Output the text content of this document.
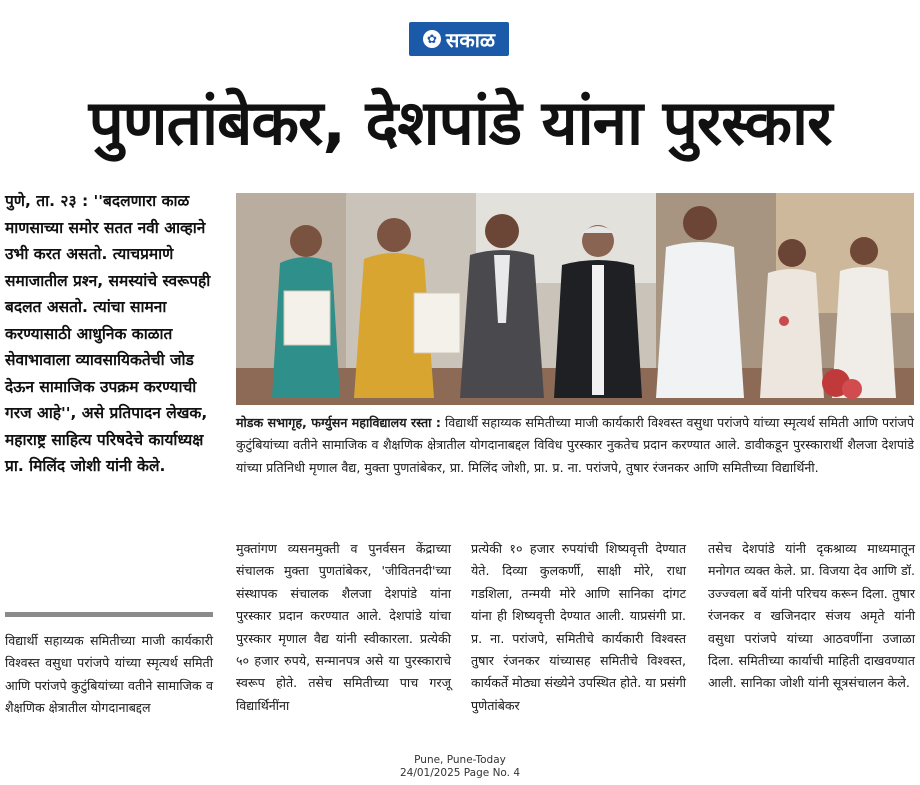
✿ सकाळ
पुणतांबेकर, देशपांडे यांना पुरस्कार
पुणे, ता. २३ : ''बदलणारा काळ माणसाच्या समोर सतत नवी आव्हाने उभी करत असतो. त्याचप्रमाणे समाजातील प्रश्‍न, समस्यांचे स्वरूपही बदलत असतो. त्यांचा सामना करण्यासाठी आधुनिक काळात सेवाभावाला व्यावसायिकतेची जोड देऊन सामाजिक उपक्रम करण्याची गरज आहे'', असे प्रतिपादन लेखक, महाराष्ट्र साहित्य परिषदेचे कार्याध्यक्ष प्रा. मिलिंद जोशी यांनी केले.
मोडक सभागृह, फर्ग्युसन महाविद्यालय रस्ता : विद्यार्थी सहाय्यक समितीच्या माजी कार्यकारी विश्‍वस्त वसुधा परांजपे यांच्या स्मृत्यर्थ समिती आणि परांजपे कुटुंबियांच्या वतीने सामाजिक व शैक्षणिक क्षेत्रातील योगदानाबद्दल विविध पुरस्कार नुकतेच प्रदान करण्यात आले. डावीकडून पुरस्कारार्थी शैलजा देशपांडे यांच्या प्रतिनिधी मृणाल वैद्य, मुक्ता पुणतांबेकर, प्रा. मिलिंद जोशी, प्रा. प्र. ना. परांजपे, तुषार रंजनकर आणि समितीच्या विद्यार्थिनी.
विद्यार्थी सहाय्यक समितीच्या माजी कार्यकारी विश्‍वस्त वसुधा परांजपे यांच्या स्मृत्यर्थ समिती आणि परांजपे कुटुंबियांच्या वतीने सामाजिक व शैक्षणिक क्षेत्रातील योगदानाबद्दल
मुक्तांगण व्यसनमुक्ती व पुनर्वसन केंद्राच्या संचालक मुक्ता पुणतांबेकर, 'जीवितनदी'च्या संस्थापक संचालक शैलजा देशपांडे यांना पुरस्कार प्रदान करण्यात आले. देशपांडे यांचा पुरस्कार मृणाल वैद्य यांनी स्वीकारला. प्रत्येकी ५० हजार रुपये, सन्मानपत्र असे या पुरस्काराचे स्वरूप होते. तसेच समितीच्या पाच गरजू विद्यार्थिनींना
प्रत्येकी १० हजार रुपयांची शिष्यवृत्ती देण्यात येते. दिव्या कुलकर्णी, साक्षी मोरे, राधा गडशिला, तन्मयी मोरे आणि सानिका दांगट यांना ही शिष्यवृत्ती देण्यात आली. याप्रसंगी प्रा. प्र. ना. परांजपे, समितीचे कार्यकारी विश्‍वस्त तुषार रंजनकर यांच्यासह समितीचे विश्‍वस्त, कार्यकर्ते मोठ्या संख्येने उपस्थित होते. या प्रसंगी पुणेतांबेकर
तसेच देशपांडे यांनी दृकश्राव्य माध्यमातून मनोगत व्यक्त केले. प्रा. विजया देव आणि डॉ. उज्ज्वला बर्वे यांनी परिचय करून दिला. तुषार रंजनकर व खजिनदार संजय अमृते यांनी वसुधा परांजपे यांच्या आठवणींना उजाळा दिला. समितीच्या कार्याची माहिती दाखवण्यात आली. सानिका जोशी यांनी सूत्रसंचालन केले.
Pune, Pune-Today
24/01/2025 Page No. 4
